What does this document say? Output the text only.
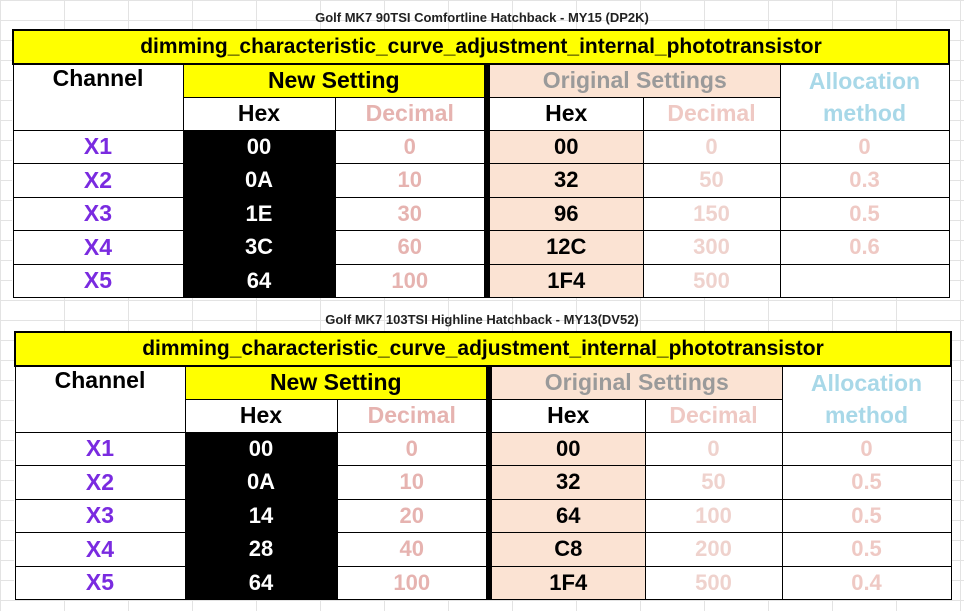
Golf MK7 90TSI Comfortline Hatchback - MY15 (DP2K)
dimming_characteristic_curve_adjustment_internal_phototransistor					
Channel	New Setting		Original Settings		Allocation
method

	Hex	Decimal	Hex	Decimal	
X1	00	0	00	0	0
X2	0A	10	32	50	0.3
X3	1E	30	96	150	0.5
X4	3C	60	12C	300	0.6
X5	64	100	1F4	500	
Golf MK7 103TSI Highline Hatchback - MY13(DV52)
dimming_characteristic_curve_adjustment_internal_phototransistor					
Channel	New Setting		Original Settings		Allocation
method

	Hex	Decimal	Hex	Decimal	
X1	00	0	00	0	0
X2	0A	10	32	50	0.5
X3	14	20	64	100	0.5
X4	28	40	C8	200	0.5
X5	64	100	1F4	500	0.4
